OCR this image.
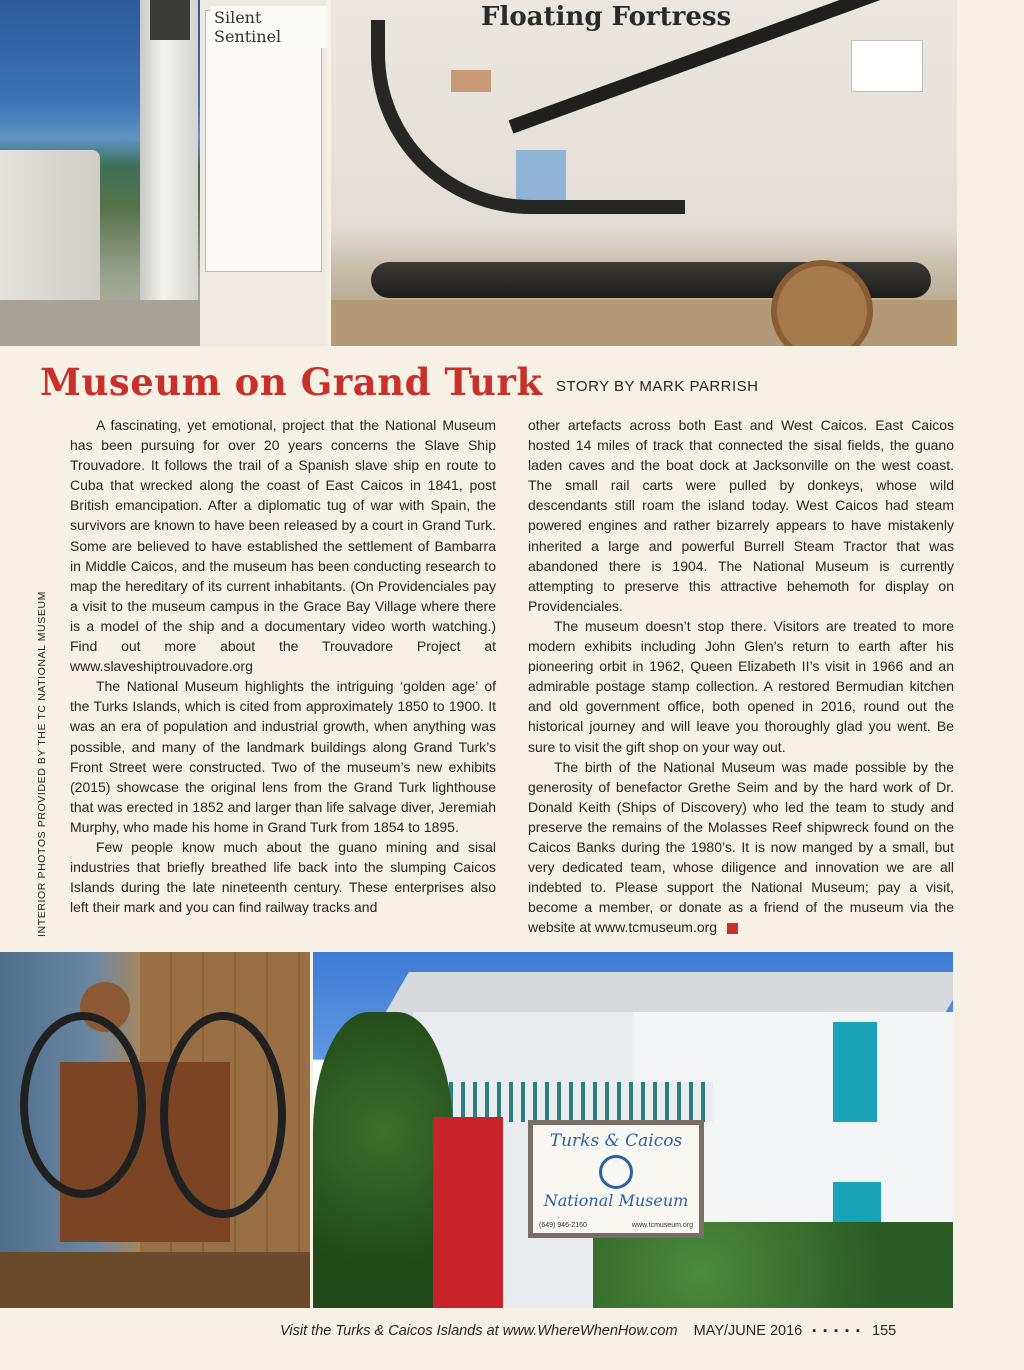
Silent Sentinel
Floating Fortress
Museum on Grand Turk STORY BY MARK PARRISH
INTERIOR PHOTOS PROVIDED BY THE TC NATIONAL MUSEUM

A fascinating, yet emotional, project that the National Museum has been pursuing for over 20 years concerns the Slave Ship Trouvadore. It follows the trail of a Spanish slave ship en route to Cuba that wrecked along the coast of East Caicos in 1841, post British emancipation. After a diplomatic tug of war with Spain, the survivors are known to have been released by a court in Grand Turk. Some are believed to have established the settlement of Bambarra in Middle Caicos, and the museum has been conducting research to map the hereditary of its current inhabitants. (On Providenciales pay a visit to the museum campus in the Grace Bay Village where there is a model of the ship and a documentary video worth watching.) Find out more about the Trouvadore Project at www.slaveshiptrouvadore.org

The National Museum highlights the intriguing ‘golden age’ of the Turks Islands, which is cited from approximately 1850 to 1900. It was an era of population and industrial growth, when anything was possible, and many of the landmark buildings along Grand Turk’s Front Street were constructed. Two of the museum’s new exhibits (2015) showcase the original lens from the Grand Turk lighthouse that was erected in 1852 and larger than life salvage diver, Jeremiah Murphy, who made his home in Grand Turk from 1854 to 1895.

Few people know much about the guano mining and sisal industries that briefly breathed life back into the slumping Caicos Islands during the late nineteenth century. These enterprises also left their mark and you can find railway tracks and

other artefacts across both East and West Caicos. East Caicos hosted 14 miles of track that connected the sisal fields, the guano laden caves and the boat dock at Jacksonville on the west coast. The small rail carts were pulled by donkeys, whose wild descendants still roam the island today. West Caicos had steam powered engines and rather bizarrely appears to have mistakenly inherited a large and powerful Burrell Steam Tractor that was abandoned there is 1904. The National Museum is currently attempting to preserve this attractive behemoth for display on Providenciales.

The museum doesn’t stop there. Visitors are treated to more modern exhibits including John Glen’s return to earth after his pioneering orbit in 1962, Queen Elizabeth II’s visit in 1966 and an admirable postage stamp collection. A restored Bermudian kitchen and old government office, both opened in 2016, round out the historical journey and will leave you thoroughly glad you went. Be sure to visit the gift shop on your way out.

The birth of the National Museum was made possible by the generosity of benefactor Grethe Seim and by the hard work of Dr. Donald Keith (Ships of Discovery) who led the team to study and preserve the remains of the Molasses Reef shipwreck found on the Caicos Banks during the 1980’s. It is now manged by a small, but very dedicated team, whose diligence and innovation we are all indebted to. Please support the National Museum; pay a visit, become a member, or donate as a friend of the museum via the website at www.tcmuseum.org

Turks & Caicos
National Museum
(649) 946-2160	www.tcmuseum.org
Visit the Turks & Caicos Islands at www.WhereWhenHow.com MAY/JUNE 2016 ▪ ▪ ▪ ▪ ▪ 155
